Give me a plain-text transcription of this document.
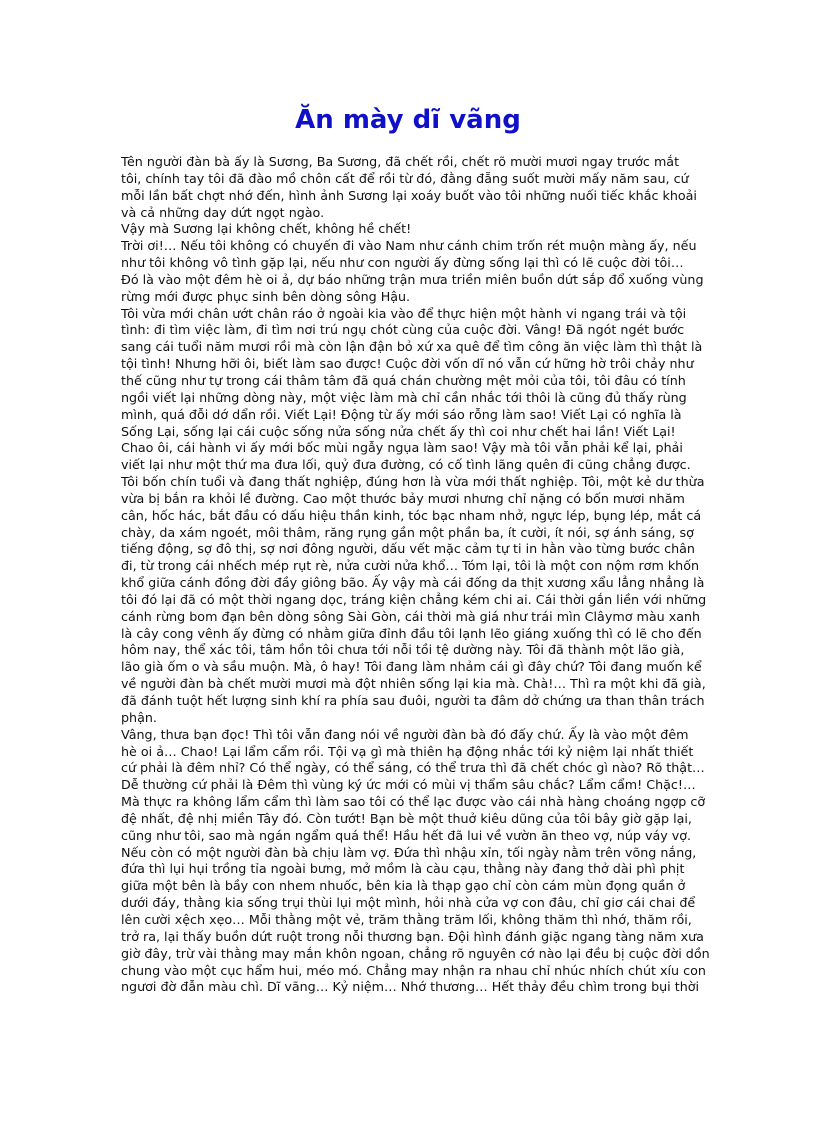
Ăn mày dĩ vãng
Tên người đàn bà ấy là Sương, Ba Sương, đã chết rồi, chết rõ mười mươi ngay trước mắt
tôi, chính tay tôi đã đào mồ chôn cất để rồi từ đó, đằng đẵng suốt mười mấy năm sau, cứ
mỗi lần bất chợt nhớ đến, hình ảnh Sương lại xoáy buốt vào tôi những nuối tiếc khắc khoải
và cả những day dứt ngọt ngào.
Vậy mà Sương lại không chết, không hề chết!
Trời ơi!… Nếu tôi không có chuyến đi vào Nam như cánh chim trốn rét muộn màng ấy, nếu
như tôi không vô tình gặp lại, nếu như con người ấy đừng sống lại thì có lẽ cuộc đời tôi…
Đó là vào một đêm hè oi ả, dự báo những trận mưa triền miên buồn dứt sắp đổ xuống vùng
rừng mới được phục sinh bên dòng sông Hậu.
Tôi vừa mới chân ướt chân ráo ở ngoài kia vào để thực hiện một hành vi ngang trái và tội
tình: đi tìm việc làm, đi tìm nơi trú ngụ chót cùng của cuộc đời. Vâng! Đã ngót ngét bước
sang cái tuổi năm mươi rồi mà còn lận đận bỏ xứ xa quê để tìm công ăn việc làm thì thật là
tội tình! Nhưng hỡi ôi, biết làm sao được! Cuộc đời vốn dĩ nó vẫn cứ hững hờ trôi chảy như
thế cũng như tự trong cái thâm tâm đã quá chán chường mệt mỏi của tôi, tôi đâu có tính
ngồi viết lại những dòng này, một việc làm mà chỉ cần nhắc tới thôi là cũng đủ thấy rùng
mình, quá đỗi dớ dẩn rồi. Viết Lại! Động từ ấy mới sáo rỗng làm sao! Viết Lại có nghĩa là
Sống Lại, sống lại cái cuộc sống nửa sống nửa chết ấy thì coi như chết hai lần! Viết Lại!
Chao ôi, cái hành vi ấy mới bốc mùi ngẫy ngụa làm sao! Vậy mà tôi vẫn phải kể lại, phải
viết lại như một thứ ma đưa lối, quỷ đưa đường, có cố tình lãng quên đi cũng chẳng được.
Tôi bốn chín tuổi và đang thất nghiệp, đúng hơn là vừa mới thất nghiệp. Tôi, một kẻ dư thừa
vừa bị bắn ra khỏi lề đường. Cao một thước bảy mươi nhưng chỉ nặng có bốn mươi nhăm
cân, hốc hác, bắt đầu có dấu hiệu thần kinh, tóc bạc nham nhở, ngực lép, bụng lép, mắt cá
chày, da xám ngoét, môi thâm, răng rụng gần một phần ba, ít cười, ít nói, sợ ánh sáng, sợ
tiếng động, sợ đô thị, sợ nơi đông người, dấu vết mặc cảm tự ti in hằn vào từng bước chân
đi, từ trong cái nhếch mép rụt rè, nửa cười nửa khổ… Tóm lại, tôi là một con nộm rơm khốn
khổ giữa cánh đồng đời đầy giông bão. Ấy vậy mà cái đống da thịt xương xẩu lẳng nhẳng là
tôi đó lại đã có một thời ngang dọc, tráng kiện chẳng kém chi ai. Cái thời gắn liền với những
cánh rừng bom đạn bên dòng sông Sài Gòn, cái thời mà giá như trái mìn Clâymơ màu xanh
là cây cong vênh ấy đừng có nhằm giữa đỉnh đầu tôi lạnh lẽo giáng xuống thì có lẽ cho đến
hôm nay, thể xác tôi, tâm hồn tôi chưa tới nỗi tồi tệ dường này. Tôi đã thành một lão già,
lão già ốm o và sầu muộn. Mà, ô hay! Tôi đang làm nhảm cái gì đây chứ? Tôi đang muốn kể
về người đàn bà chết mười mươi mà đột nhiên sống lại kia mà. Chà!… Thì ra một khi đã già,
đã đánh tuột hết lượng sinh khí ra phía sau đuôi, người ta đâm dở chứng ưa than thân trách
phận.
Vâng, thưa bạn đọc! Thì tôi vẫn đang nói về người đàn bà đó đấy chứ. Ấy là vào một đêm
hè oi ả… Chao! Lại lẩm cẩm rồi. Tội vạ gì mà thiên hạ động nhắc tới kỷ niệm lại nhất thiết
cứ phải là đêm nhỉ? Có thể ngày, có thể sáng, có thể trưa thì đã chết chóc gì nào? Rõ thật…
Dễ thường cứ phải là Đêm thì vùng ký ức mới có mùi vị thẩm sâu chắc? Lẩm cẩm! Chặc!…
Mà thực ra không lẩm cẩm thì làm sao tôi có thể lạc được vào cái nhà hàng choáng ngợp cỡ
đệ nhất, đệ nhị miền Tây đó. Còn tướt! Bạn bè một thuở kiêu dũng của tôi bây giờ gặp lại,
cũng như tôi, sao mà ngán ngẩm quá thể! Hầu hết đã lui về vườn ăn theo vợ, núp váy vợ.
Nếu còn có một người đàn bà chịu làm vợ. Đứa thì nhậu xỉn, tối ngày nằm trên võng nắng,
đứa thì lụi hụi trồng tỉa ngoài bưng, mở mồm là càu cạu, thằng này đang thở dài phì phịt
giữa một bên là bầy con nhem nhuốc, bên kia là thạp gạo chỉ còn cám mùn đọng quần ở
dưới đáy, thằng kia sống trụi thùi lụi một mình, hỏi nhà cửa vợ con đâu, chỉ giơ cái chai để
lên cười xệch xẹo… Mỗi thằng một vẻ, trăm thằng trăm lối, không thăm thì nhớ, thăm rồi,
trở ra, lại thấy buồn dứt ruột trong nỗi thương bạn. Đội hình đánh giặc ngang tàng năm xưa
giờ đây, trừ vài thằng may mắn khôn ngoan, chẳng rõ nguyên cớ nào lại đều bị cuộc đời dồn
chung vào một cục hẩm hui, méo mó. Chẳng may nhận ra nhau chỉ nhúc nhích chút xíu con
ngươi đờ đẫn màu chì. Dĩ vãng… Kỷ niệm… Nhớ thương… Hết thảy đều chìm trong bụi thời
